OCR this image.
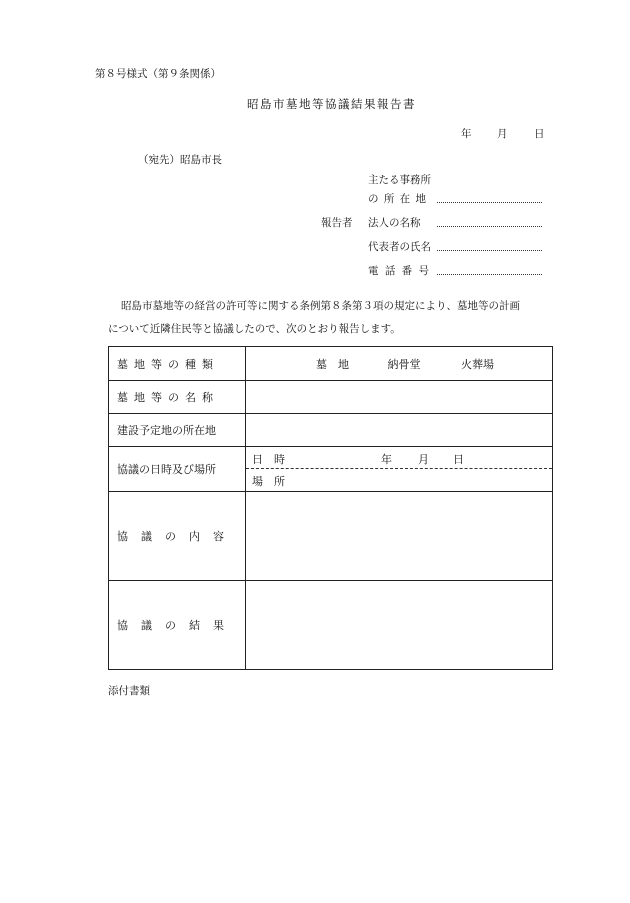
第８号様式（第９条関係）
昭島市墓地等協議結果報告書
年 月	日
（宛先）昭島市長
主たる事務所
の 所 在 地
報告者 法人の名称
代表者の氏名
電 話 番 号
昭島市墓地等の経営の許可等に関する条例第８条第３項の規定により、墓地等の計画
について近隣住民等と協議したので、次のとおり報告します。
墓地等の種類	墓　地 納骨堂 火葬場
墓地等の名称	
建設予定地の所在地	
協議の日時及び場所	日　時 年 月 日
場　所

協議の内容	
協議の結果	
添付書類
